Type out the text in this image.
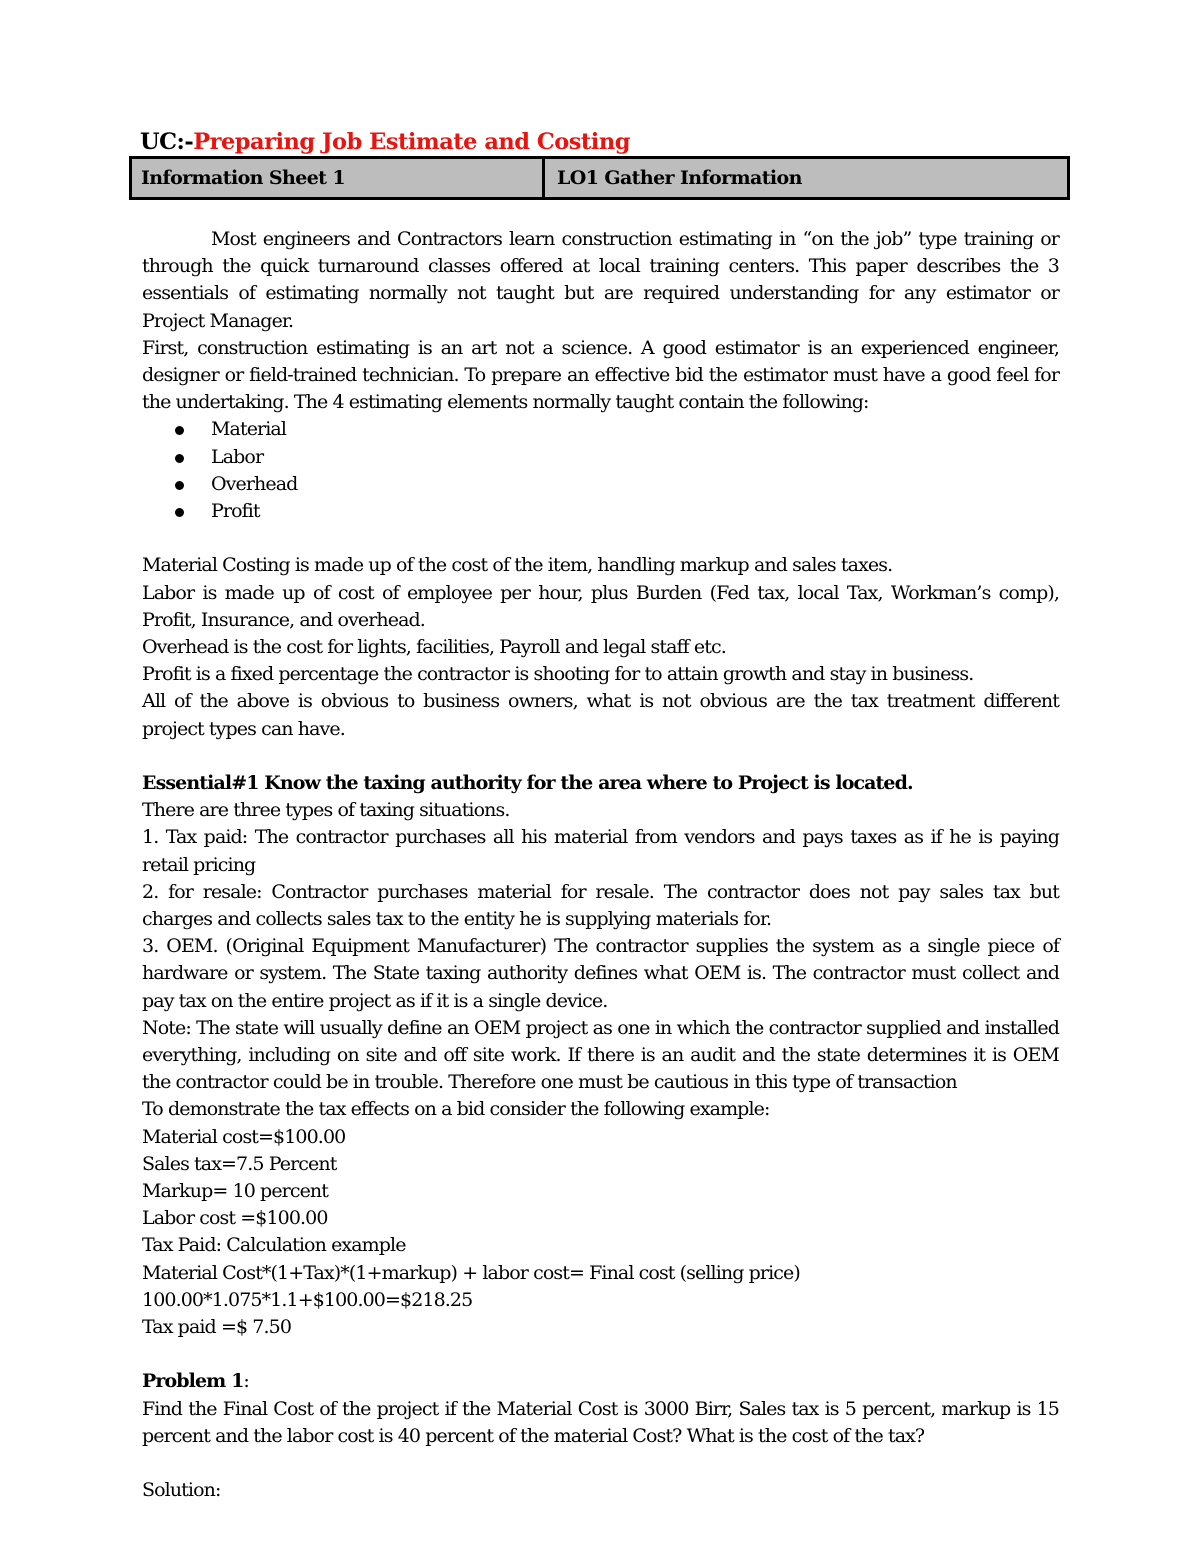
UC:-Preparing Job Estimate and Costing
Information Sheet 1	LO1 Gather Information

Most engineers and Contractors learn construction estimating in “on the job” type training or through the quick turnaround classes offered at local training centers. This paper describes the 3 essentials of estimating normally not taught but are required understanding for any estimator or Project Manager.

First, construction estimating is an art not a science. A good estimator is an experienced engineer, designer or field-trained technician. To prepare an effective bid the estimator must have a good feel for the undertaking. The 4 estimating elements normally taught contain the following:

Material
Labor
Overhead
Profit

Material Costing is made up of the cost of the item, handling markup and sales taxes.

Labor is made up of cost of employee per hour, plus Burden (Fed tax, local Tax, Workman’s comp), Profit, Insurance, and overhead.

Overhead is the cost for lights, facilities, Payroll and legal staff etc.

Profit is a fixed percentage the contractor is shooting for to attain growth and stay in business.

All of the above is obvious to business owners, what is not obvious are the tax treatment different project types can have.

Essential#1 Know the taxing authority for the area where to Project is located.

There are three types of taxing situations.

1. Tax paid: The contractor purchases all his material from vendors and pays taxes as if he is paying retail pricing

2. for resale: Contractor purchases material for resale. The contractor does not pay sales tax but charges and collects sales tax to the entity he is supplying materials for.

3. OEM. (Original Equipment Manufacturer) The contractor supplies the system as a single piece of hardware or system. The State taxing authority defines what OEM is. The contractor must collect and pay tax on the entire project as if it is a single device.

Note: The state will usually define an OEM project as one in which the contractor supplied and installed everything, including on site and off site work. If there is an audit and the state determines it is OEM the contractor could be in trouble. Therefore one must be cautious in this type of transaction

To demonstrate the tax effects on a bid consider the following example:

Material cost=$100.00

Sales tax=7.5 Percent

Markup= 10 percent

Labor cost =$100.00

Tax Paid: Calculation example

Material Cost*(1+Tax)*(1+markup) + labor cost= Final cost (selling price)

100.00*1.075*1.1+$100.00=$218.25

Tax paid =$ 7.50

Problem 1:

Find the Final Cost of the project if the Material Cost is 3000 Birr, Sales tax is 5 percent, markup is 15 percent and the labor cost is 40 percent of the material Cost? What is the cost of the tax?

Solution:
